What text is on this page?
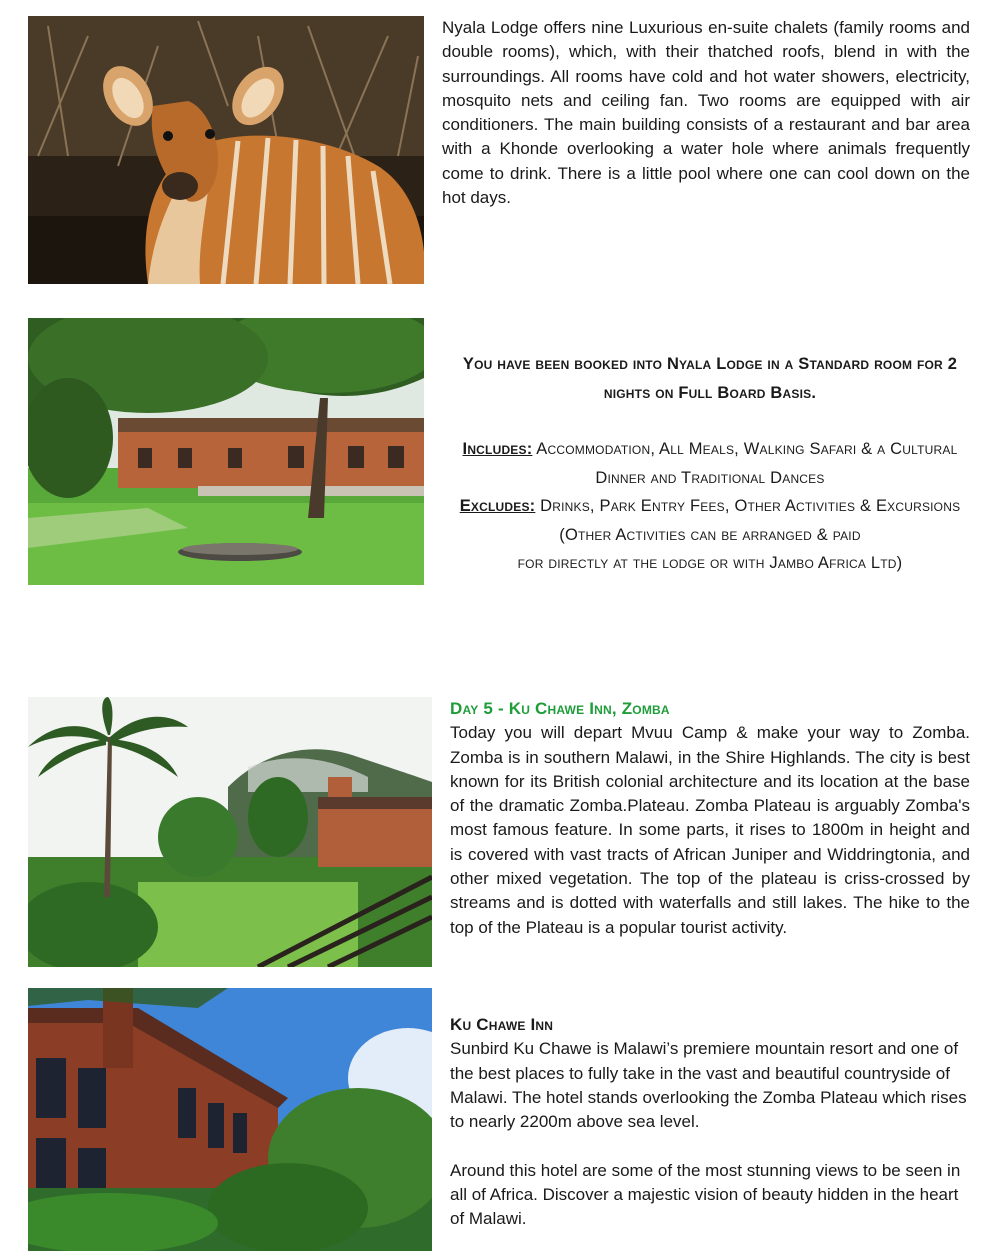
Nyala Lodge offers nine Luxurious en-suite chalets (family rooms and double rooms), which, with their thatched roofs, blend in with the surroundings. All rooms have cold and hot water showers, electricity, mosquito nets and ceiling fan. Two rooms are equipped with air conditioners. The main building consists of a restaurant and bar area with a Khonde overlooking a water hole where animals frequently come to drink. There is a little pool where one can cool down on the hot days.

You have been booked into Nyala Lodge in a Standard room for 2

nights on Full Board Basis.

Includes: Accommodation, All Meals, Walking Safari & a Cultural

Dinner and Traditional Dances

Excludes: Drinks, Park Entry Fees, Other Activities & Excursions

(Other Activities can be arranged & paid

for directly at the lodge or with Jambo Africa Ltd)

Day 5 - Ku Chawe Inn, Zomba
Today you will depart Mvuu Camp & make your way to Zomba. Zomba is in southern Malawi, in the Shire Highlands. The city is best known for its British colonial architecture and its location at the base of the dramatic Zomba.Plateau. Zomba Plateau is arguably Zomba's most famous feature. In some parts, it rises to 1800m in height and is covered with vast tracts of African Juniper and Widdringtonia, and other mixed vegetation. The top of the plateau is criss-crossed by streams and is dotted with waterfalls and still lakes. The hike to the top of the Plateau is a popular tourist activity.
Ku Chawe Inn
Sunbird Ku Chawe is Malawi’s premiere mountain resort and one of the best places to fully take in the vast and beautiful countryside of Malawi. The hotel stands overlooking the Zomba Plateau which rises to nearly 2200m above sea level.
Around this hotel are some of the most stunning views to be seen in all of Africa. Discover a majestic vision of beauty hidden in the heart of Malawi.
